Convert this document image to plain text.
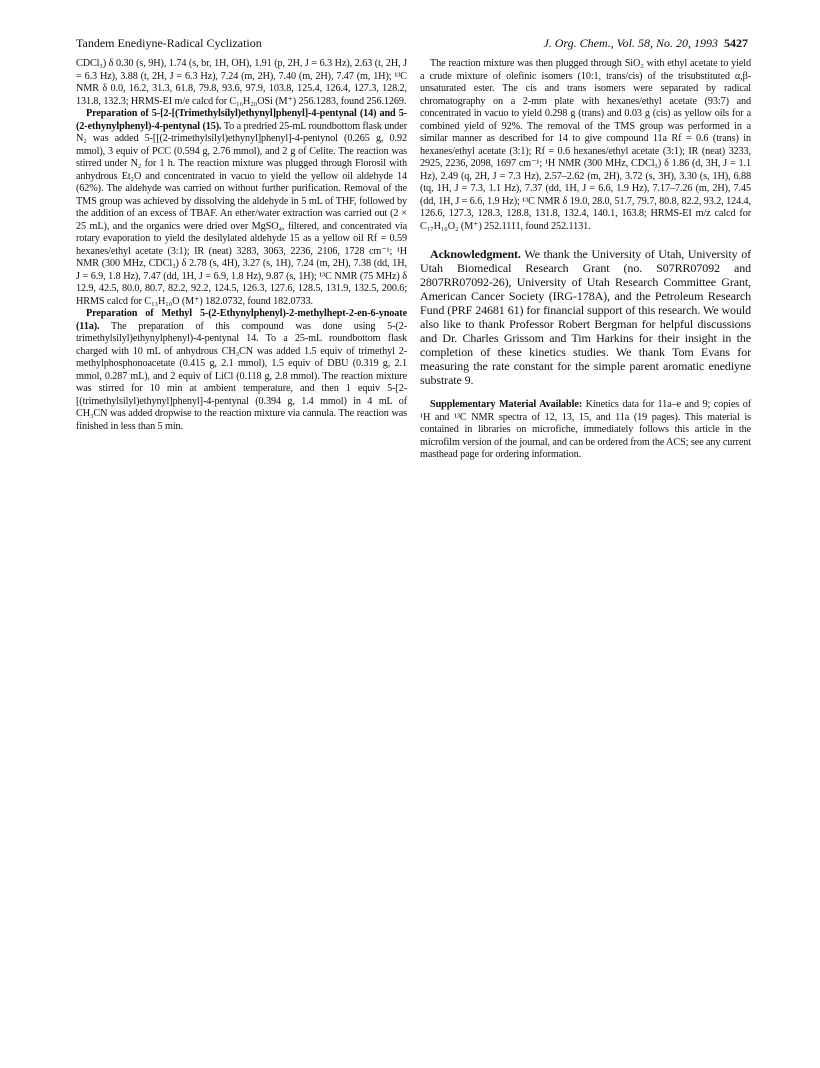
Tandem Enediyne-Radical Cyclization	J. Org. Chem., Vol. 58, No. 20, 1993 5427

CDCl₃) δ 0.30 (s, 9H), 1.74 (s, br, 1H, OH), 1.91 (p, 2H, J = 6.3 Hz), 2.63 (t, 2H, J = 6.3 Hz), 3.88 (t, 2H, J = 6.3 Hz), 7.24 (m, 2H), 7.40 (m, 2H), 7.47 (m, 1H); ¹³C NMR δ 0.0, 16.2, 31.3, 61.8, 79.8, 93.6, 97.9, 103.8, 125.4, 126.4, 127.3, 128.2, 131.8, 132.3; HRMS-EI m/e calcd for C₁₆H₂₀OSi (M⁺) 256.1283, found 256.1269.

Preparation of 5-[2-[(Trimethylsilyl)ethynyl]phenyl]-4-pentynal (14) and 5-(2-ethynylphenyl)-4-pentynal (15). To a predried 25-mL roundbottom flask under N₂ was added 5-[[(2-trimethylsilyl)ethynyl]phenyl]-4-pentynol (0.265 g, 0.92 mmol), 3 equiv of PCC (0.594 g, 2.76 mmol), and 2 g of Celite. The reaction was stirred under N₂ for 1 h. The reaction mixture was plugged through Florosil with anhydrous Et₂O and concentrated in vacuo to yield the yellow oil aldehyde 14 (62%). The aldehyde was carried on without further purification. Removal of the TMS group was achieved by dissolving the aldehyde in 5 mL of THF, followed by the addition of an excess of TBAF. An ether/water extraction was carried out (2 × 25 mL), and the organics were dried over MgSO₄, filtered, and concentrated via rotary evaporation to yield the desilylated aldehyde 15 as a yellow oil Rf = 0.59 hexanes/ethyl acetate (3:1); IR (neat) 3283, 3063, 2236, 2106, 1728 cm⁻¹; ¹H NMR (300 MHz, CDCl₃) δ 2.78 (s, 4H), 3.27 (s, 1H), 7.24 (m, 2H), 7.38 (dd, 1H, J = 6.9, 1.8 Hz), 7.47 (dd, 1H, J = 6.9, 1.8 Hz), 9.87 (s, 1H); ¹³C NMR (75 MHz) δ 12.9, 42.5, 80.0, 80.7, 82.2, 92.2, 124.5, 126.3, 127.6, 128.5, 131.9, 132.5, 200.6; HRMS calcd for C₁₃H₁₀O (M⁺) 182.0732, found 182.0733.

Preparation of Methyl 5-(2-Ethynylphenyl)-2-methylhept-2-en-6-ynoate (11a). The preparation of this compound was done using 5-(2-trimethylsilyl)ethynylphenyl)-4-pentynal 14. To a 25-mL roundbottom flask charged with 10 mL of anhydrous CH₃CN was added 1.5 equiv of trimethyl 2-methylphosphonoacetate (0.415 g, 2.1 mmol), 1.5 equiv of DBU (0.319 g, 2.1 mmol, 0.287 mL), and 2 equiv of LiCl (0.118 g, 2.8 mmol). The reaction mixture was stirred for 10 min at ambient temperature, and then 1 equiv 5-[2-[(trimethylsilyl)ethynyl]phenyl]-4-pentynal (0.394 g, 1.4 mmol) in 4 mL of CH₃CN was added dropwise to the reaction mixture via cannula. The reaction was finished in less than 5 min.

The reaction mixture was then plugged through SiO₂ with ethyl acetate to yield a crude mixture of olefinic isomers (10:1, trans/cis) of the trisubstituted α,β-unsaturated ester. The cis and trans isomers were separated by radical chromatography on a 2-mm plate with hexanes/ethyl acetate (93:7) and concentrated in vacuo to yield 0.298 g (trans) and 0.03 g (cis) as yellow oils for a combined yield of 92%. The removal of the TMS group was performed in a similar manner as described for 14 to give compound 11a Rf = 0.6 (trans) in hexanes/ethyl acetate (3:1); Rf = 0.6 hexanes/ethyl acetate (3:1); IR (neat) 3233, 2925, 2236, 2098, 1697 cm⁻¹; ¹H NMR (300 MHz, CDCl₃) δ 1.86 (d, 3H, J = 1.1 Hz), 2.49 (q, 2H, J = 7.3 Hz), 2.57–2.62 (m, 2H), 3.72 (s, 3H), 3.30 (s, 1H), 6.88 (tq, 1H, J = 7.3, 1.1 Hz), 7.37 (dd, 1H, J = 6.6, 1.9 Hz), 7.17–7.26 (m, 2H), 7.45 (dd, 1H, J = 6.6, 1.9 Hz); ¹³C NMR δ 19.0, 28.0, 51.7, 79.7, 80.8, 82.2, 93.2, 124.4, 126.6, 127.3, 128.3, 128.8, 131.8, 132.4, 140.1, 163.8; HRMS-EI m/z calcd for C₁₇H₁₆O₂ (M⁺) 252.1111, found 252.1131.

Acknowledgment. We thank the University of Utah, University of Utah Biomedical Research Grant (no. S07RR07092 and 2807RR07092-26), University of Utah Research Committee Grant, American Cancer Society (IRG-178A), and the Petroleum Research Fund (PRF 24681 61) for financial support of this research. We would also like to thank Professor Robert Bergman for helpful discussions and Dr. Charles Grissom and Tim Harkins for their insight in the completion of these kinetics studies. We thank Tom Evans for measuring the rate constant for the simple parent aromatic enediyne substrate 9.

Supplementary Material Available: Kinetics data for 11a–e and 9; copies of ¹H and ¹³C NMR spectra of 12, 13, 15, and 11a (19 pages). This material is contained in libraries on microfiche, immediately follows this article in the microfilm version of the journal, and can be ordered from the ACS; see any current masthead page for ordering information.
